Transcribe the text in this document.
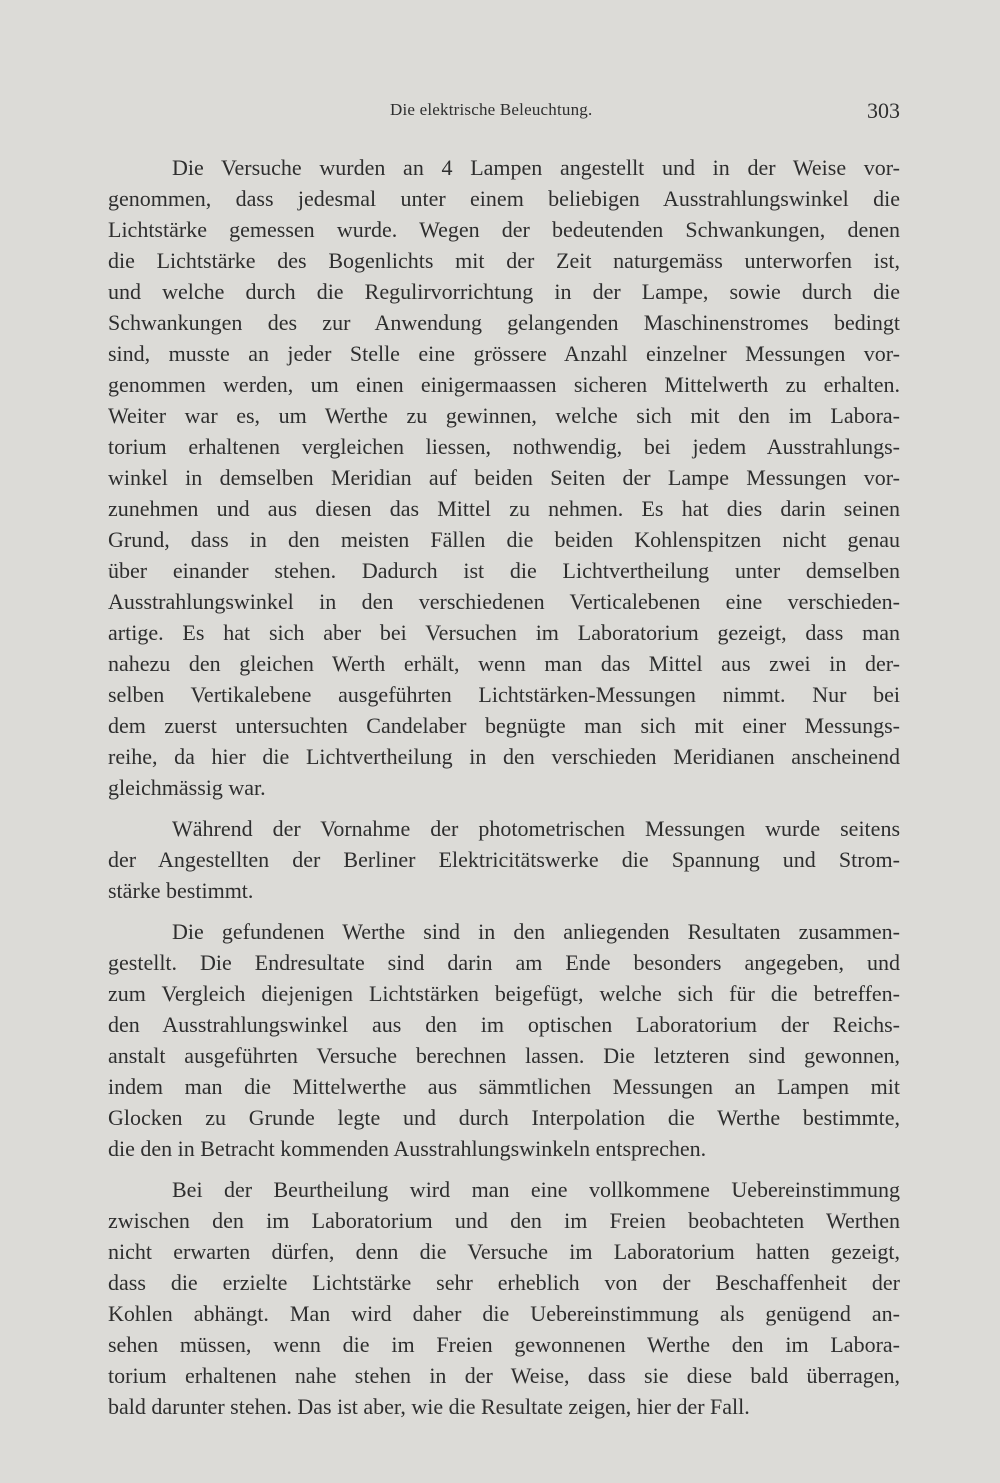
Die elektrische Beleuchtung.	303
Die Versuche wurden an 4 Lampen angestellt und in der Weise vor-
genommen, dass jedesmal unter einem beliebigen Ausstrahlungswinkel die
Lichtstärke gemessen wurde. Wegen der bedeutenden Schwankungen, denen
die Lichtstärke des Bogenlichts mit der Zeit naturgemäss unterworfen ist,
und welche durch die Regulirvorrichtung in der Lampe, sowie durch die
Schwankungen des zur Anwendung gelangenden Maschinenstromes bedingt
sind, musste an jeder Stelle eine grössere Anzahl einzelner Messungen vor-
genommen werden, um einen einigermaassen sicheren Mittelwerth zu erhalten.
Weiter war es, um Werthe zu gewinnen, welche sich mit den im Labora-
torium erhaltenen vergleichen liessen, nothwendig, bei jedem Ausstrahlungs-
winkel in demselben Meridian auf beiden Seiten der Lampe Messungen vor-
zunehmen und aus diesen das Mittel zu nehmen. Es hat dies darin seinen
Grund, dass in den meisten Fällen die beiden Kohlenspitzen nicht genau
über einander stehen. Dadurch ist die Lichtvertheilung unter demselben
Ausstrahlungswinkel in den verschiedenen Verticalebenen eine verschieden-
artige. Es hat sich aber bei Versuchen im Laboratorium gezeigt, dass man
nahezu den gleichen Werth erhält, wenn man das Mittel aus zwei in der-
selben Vertikalebene ausgeführten Lichtstärken-Messungen nimmt. Nur bei
dem zuerst untersuchten Candelaber begnügte man sich mit einer Messungs-
reihe, da hier die Lichtvertheilung in den verschieden Meridianen anscheinend
gleichmässig war.
Während der Vornahme der photometrischen Messungen wurde seitens
der Angestellten der Berliner Elektricitätswerke die Spannung und Strom-
stärke bestimmt.
Die gefundenen Werthe sind in den anliegenden Resultaten zusammen-
gestellt. Die Endresultate sind darin am Ende besonders angegeben, und
zum Vergleich diejenigen Lichtstärken beigefügt, welche sich für die betreffen-
den Ausstrahlungswinkel aus den im optischen Laboratorium der Reichs-
anstalt ausgeführten Versuche berechnen lassen. Die letzteren sind gewonnen,
indem man die Mittelwerthe aus sämmtlichen Messungen an Lampen mit
Glocken zu Grunde legte und durch Interpolation die Werthe bestimmte,
die den in Betracht kommenden Ausstrahlungswinkeln entsprechen.
Bei der Beurtheilung wird man eine vollkommene Uebereinstimmung
zwischen den im Laboratorium und den im Freien beobachteten Werthen
nicht erwarten dürfen, denn die Versuche im Laboratorium hatten gezeigt,
dass die erzielte Lichtstärke sehr erheblich von der Beschaffenheit der
Kohlen abhängt. Man wird daher die Uebereinstimmung als genügend an-
sehen müssen, wenn die im Freien gewonnenen Werthe den im Labora-
torium erhaltenen nahe stehen in der Weise, dass sie diese bald überragen,
bald darunter stehen. Das ist aber, wie die Resultate zeigen, hier der Fall.
